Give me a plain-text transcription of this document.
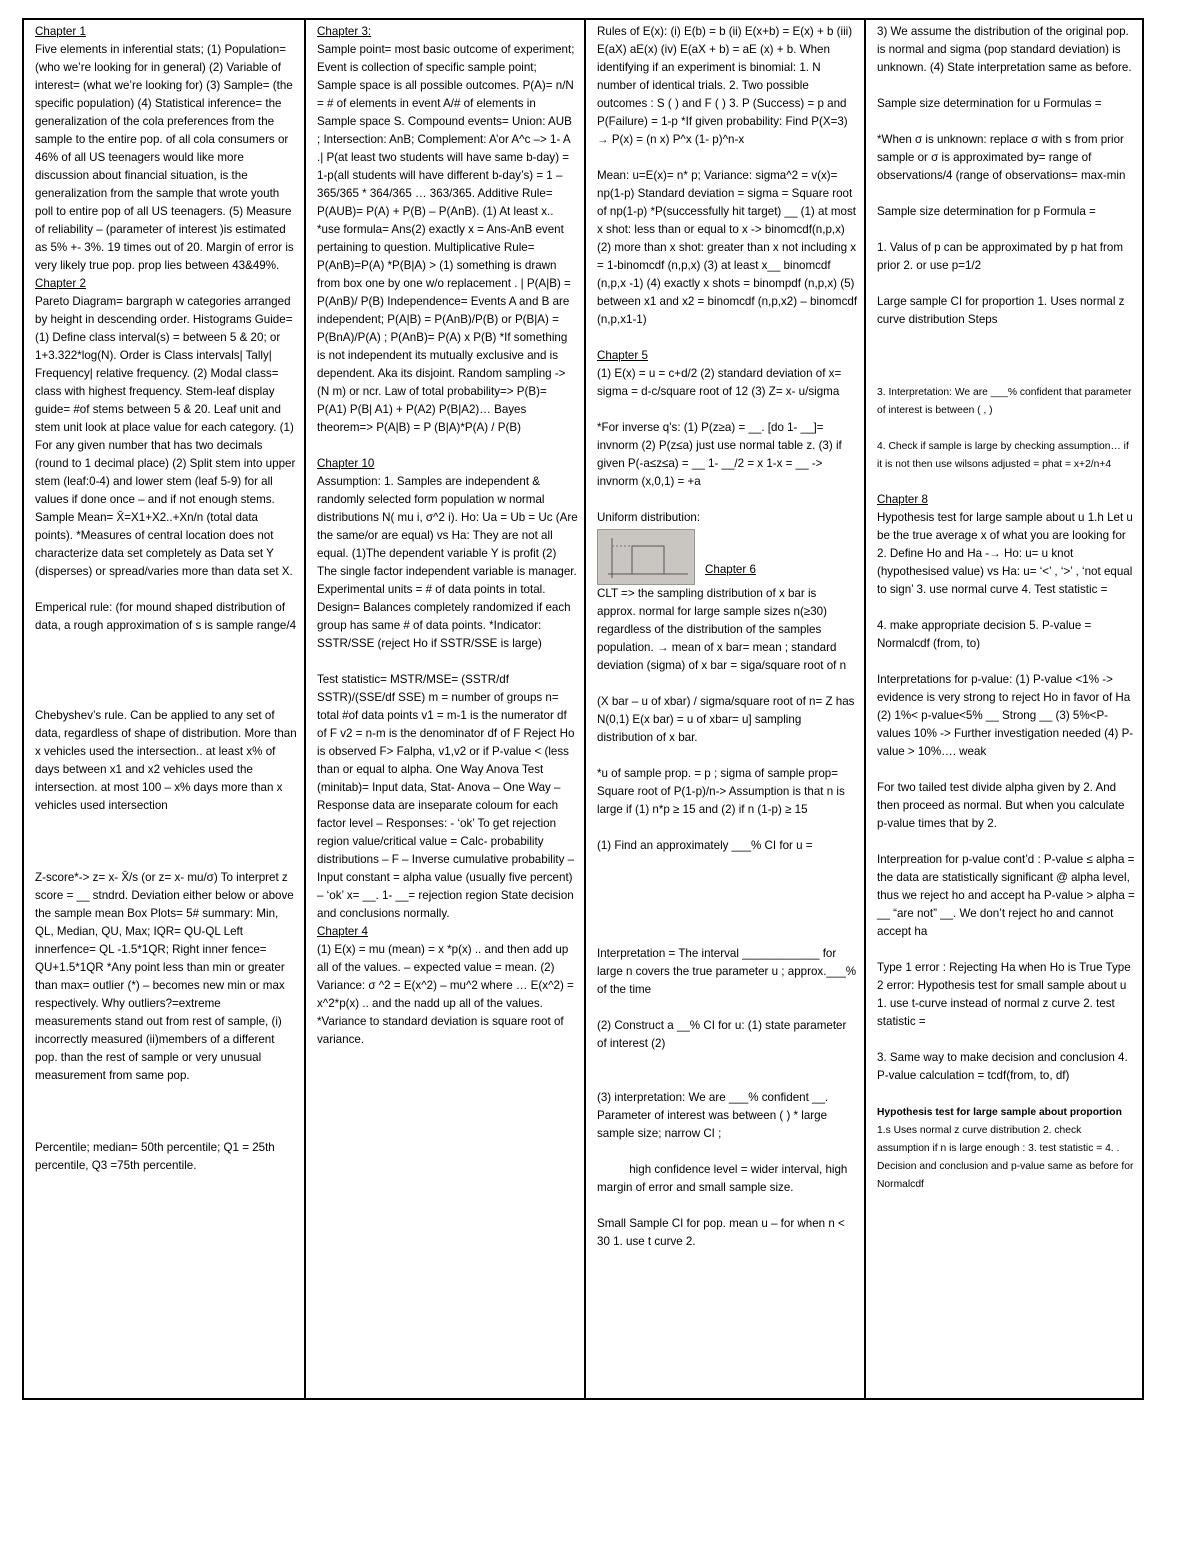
Chapter 1
Five elements in inferential stats; (1) Population= (who we’re looking for in general) (2) Variable of interest= (what we’re looking for) (3) Sample= (the specific population) (4) Statistical inference= the generalization of the cola preferences from the sample to the entire pop. of all cola consumers or 46% of all US teenagers would like more discussion about financial situation, is the generalization from the sample that wrote youth poll to entire pop of all US teenagers. (5) Measure of reliability – (parameter of interest )is estimated as 5% +- 3%. 19 times out of 20. Margin of error is very likely true pop. prop lies between 43&49%.
Chapter 2
Pareto Diagram= bargraph w categories arranged by height in descending order. Histograms Guide= (1) Define class interval(s) = between 5 & 20; or 1+3.322*log(N). Order is Class intervals| Tally| Frequency| relative frequency. (2) Modal class= class with highest frequency. Stem-leaf display guide= #of stems between 5 & 20. Leaf unit and stem unit look at place value for each category. (1) For any given number that has two decimals (round to 1 decimal place) (2) Split stem into upper stem (leaf:0-4) and lower stem (leaf 5-9) for all values if done once – and if not enough stems. Sample Mean= X̄=X1+X2..+Xn/n (total data points). *Measures of central location does not characterize data set completely as Data set Y (disperses) or spread/varies more than data set X.

Emperical rule: (for mound shaped distribution of data, a rough approximation of s is sample range/4

Chebyshev’s rule. Can be applied to any set of data, regardless of shape of distribution. More than x vehicles used the intersection.. at least x% of days between x1 and x2 vehicles used the intersection. at most 100 – x% days more than x vehicles used intersection

Z-score*-> z= x- X̄/s (or z= x- mu/σ) To interpret z score = __ stndrd. Deviation either below or above the sample mean Box Plots= 5# summary: Min, QL, Median, QU, Max; IQR= QU-QL Left innerfence= QL -1.5*1QR; Right inner fence= QU+1.5*1QR *Any point less than min or greater than max= outlier (*) – becomes new min or max respectively. Why outliers?=extreme measurements stand out from rest of sample, (i) incorrectly measured (ii)members of a different pop. than the rest of sample or very unusual measurement from same pop.

Percentile; median= 50th percentile; Q1 = 25th percentile, Q3 =75th percentile.
Chapter 3:
Sample point= most basic outcome of experiment; Event is collection of specific sample point; Sample space is all possible outcomes. P(A)= n/N = # of elements in event A/# of elements in Sample space S. Compound events= Union: AUB ; Intersection: AnB; Complement: A’or A^c –> 1- A .| P(at least two students will have same b-day) = 1-p(all students will have different b-day’s) = 1 – 365/365 * 364/365 … 363/365. Additive Rule= P(AUB)= P(A) + P(B) – P(AnB). (1) At least x.. *use formula= Ans(2) exactly x = Ans-AnB event pertaining to question. Multiplicative Rule= P(AnB)=P(A) *P(B|A) > (1) something is drawn from box one by one w/o replacement . | P(A|B) = P(AnB)/ P(B) Independence= Events A and B are independent; P(A|B) = P(AnB)/P(B) or P(B|A) = P(BnA)/P(A) ; P(AnB)= P(A) x P(B) *If something is not independent its mutually exclusive and is dependent. Aka its disjoint. Random sampling -> (N m) or ncr. Law of total probability=> P(B)= P(A1) P(B| A1) + P(A2) P(B|A2)… Bayes theorem=> P(A|B) = P (B|A)*P(A) / P(B)

Chapter 10
Assumption: 1. Samples are independent & randomly selected form population w normal distributions N( mu i, σ^2 i). Ho: Ua = Ub = Uc (Are the same/or are equal) vs Ha: They are not all equal. (1)The dependent variable Y is profit (2) The single factor independent variable is manager. Experimental units = # of data points in total. Design= Balances completely randomized if each group has same # of data points. *Indicator: SSTR/SSE (reject Ho if SSTR/SSE is large)

Test statistic= MSTR/MSE= (SSTR/df SSTR)/(SSE/df SSE) m = number of groups n= total #of data points v1 = m-1 is the numerator df of F v2 = n-m is the denominator df of F Reject Ho is observed F> Falpha, v1,v2 or if P-value < (less than or equal to alpha. One Way Anova Test (minitab)= Input data, Stat- Anova – One Way – Response data are inseparate coloum for each factor level – Responses: - ‘ok’ To get rejection region value/critical value = Calc- probability distributions – F – Inverse cumulative probability – Input constant = alpha value (usually five percent) – ‘ok’ x= __. 1- __= rejection region State decision and conclusions normally.
Chapter 4
(1) E(x) = mu (mean) = x *p(x) .. and then add up all of the values. – expected value = mean. (2) Variance: σ ^2 = E(x^2) – mu^2 where … E(x^2) = x^2*p(x) .. and the nadd up all of the values. *Variance to standard deviation is square root of variance.
Rules of E(x): (i) E(b) = b (ii) E(x+b) = E(x) + b (iii) E(aX) aE(x) (iv) E(aX + b) = aE (x) + b. When identifying if an experiment is binomial: 1. N number of identical trials. 2. Two possible outcomes : S ( ) and F ( ) 3. P (Success) = p and P(Failure) = 1-p *If given probability: Find P(X=3) → P(x) = (n x) P^x (1- p)^n-x

Mean: u=E(x)= n* p; Variance: sigma^2 = v(x)= np(1-p) Standard deviation = sigma = Square root of np(1-p) *P(successfully hit target) __ (1) at most x shot: less than or equal to x -> binomcdf(n,p,x) (2) more than x shot: greater than x not including x = 1-binomcdf (n,p,x) (3) at least x__ binomcdf (n,p,x -1) (4) exactly x shots = binompdf (n,p,x) (5) between x1 and x2 = binomcdf (n,p,x2) – binomcdf (n,p,x1-1)

Chapter 5
(1) E(x) = u = c+d/2 (2) standard deviation of x= sigma = d-c/square root of 12 (3) Z= x- u/sigma

*For inverse q’s: (1) P(z≥a) = __. [do 1- __]= invnorm (2) P(z≤a) just use normal table z. (3) if given P(-a≤z≤a) = __ 1- __/2 = x 1-x = __ -> invnorm (x,0,1) = +a

Uniform distribution:

Chapter 6
CLT => the sampling distribution of x bar is approx. normal for large sample sizes n(≥30) regardless of the distribution of the samples population. → mean of x bar= mean ; standard deviation (sigma) of x bar = siga/square root of n

(X bar – u of xbar) / sigma/square root of n= Z has N(0,1) E(x bar) = u of xbar= u] sampling distribution of x bar.

*u of sample prop. = p ; sigma of sample prop= Square root of P(1-p)/n-> Assumption is that n is large if (1) n*p ≥ 15 and (2) if n (1-p) ≥ 15

(1) Find an approximately ___% CI for u =

Interpretation = The interval ____________ for large n covers the true parameter u ; approx.___% of the time

(2) Construct a __% CI for u: (1) state parameter of interest (2)

(3) interpretation: We are ___% confident __. Parameter of interest was between ( ) * large sample size; narrow CI ;

high confidence level = wider interval, high margin of error and small sample size.

Small Sample CI for pop. mean u – for when n < 30 1. use t curve 2.
3) We assume the distribution of the original pop. is normal and sigma (pop standard deviation) is unknown. (4) State interpretation same as before.

Sample size determination for u Formulas =

*When σ is unknown: replace σ with s from prior sample or σ is approximated by= range of observations/4 (range of observations= max-min

Sample size determination for p Formula =

1. Valus of p can be approximated by p hat from prior 2. or use p=1/2

Large sample CI for proportion 1. Uses normal z curve distribution Steps

3. Interpretation: We are ___% confident that parameter of interest is between ( , )

4. Check if sample is large by checking assumption… if it is not then use wilsons adjusted = phat = x+2/n+4

Chapter 8
Hypothesis test for large sample about u 1.h Let u be the true average x of what you are looking for 2. Define Ho and Ha -→ Ho: u= u knot (hypothesised value) vs Ha: u= ‘<’ , ‘>’ , ‘not equal to sign’ 3. use normal curve 4. Test statistic =

4. make appropriate decision 5. P-value = Normalcdf (from, to)

Interpretations for p-value: (1) P-value <1% -> evidence is very strong to reject Ho in favor of Ha (2) 1%< p-value<5% __ Strong __ (3) 5%<P-values 10% -> Further investigation needed (4) P-value > 10%…. weak

For two tailed test divide alpha given by 2. And then proceed as normal. But when you calculate p-value times that by 2.

Interpreation for p-value cont’d : P-value ≤ alpha = the data are statistically significant @ alpha level, thus we reject ho and accept ha P-value > alpha = __ “are not” __. We don’t reject ho and cannot accept ha

Type 1 error : Rejecting Ha when Ho is True Type 2 error: Hypothesis test for small sample about u 1. use t-curve instead of normal z curve 2. test statistic =

3. Same way to make decision and conclusion 4. P-value calculation = tcdf(from, to, df)

Hypothesis test for large sample about proportion
1.s Uses normal z curve distribution 2. check assumption if n is large enough : 3. test statistic = 4. . Decision and conclusion and p-value same as before for Normalcdf
